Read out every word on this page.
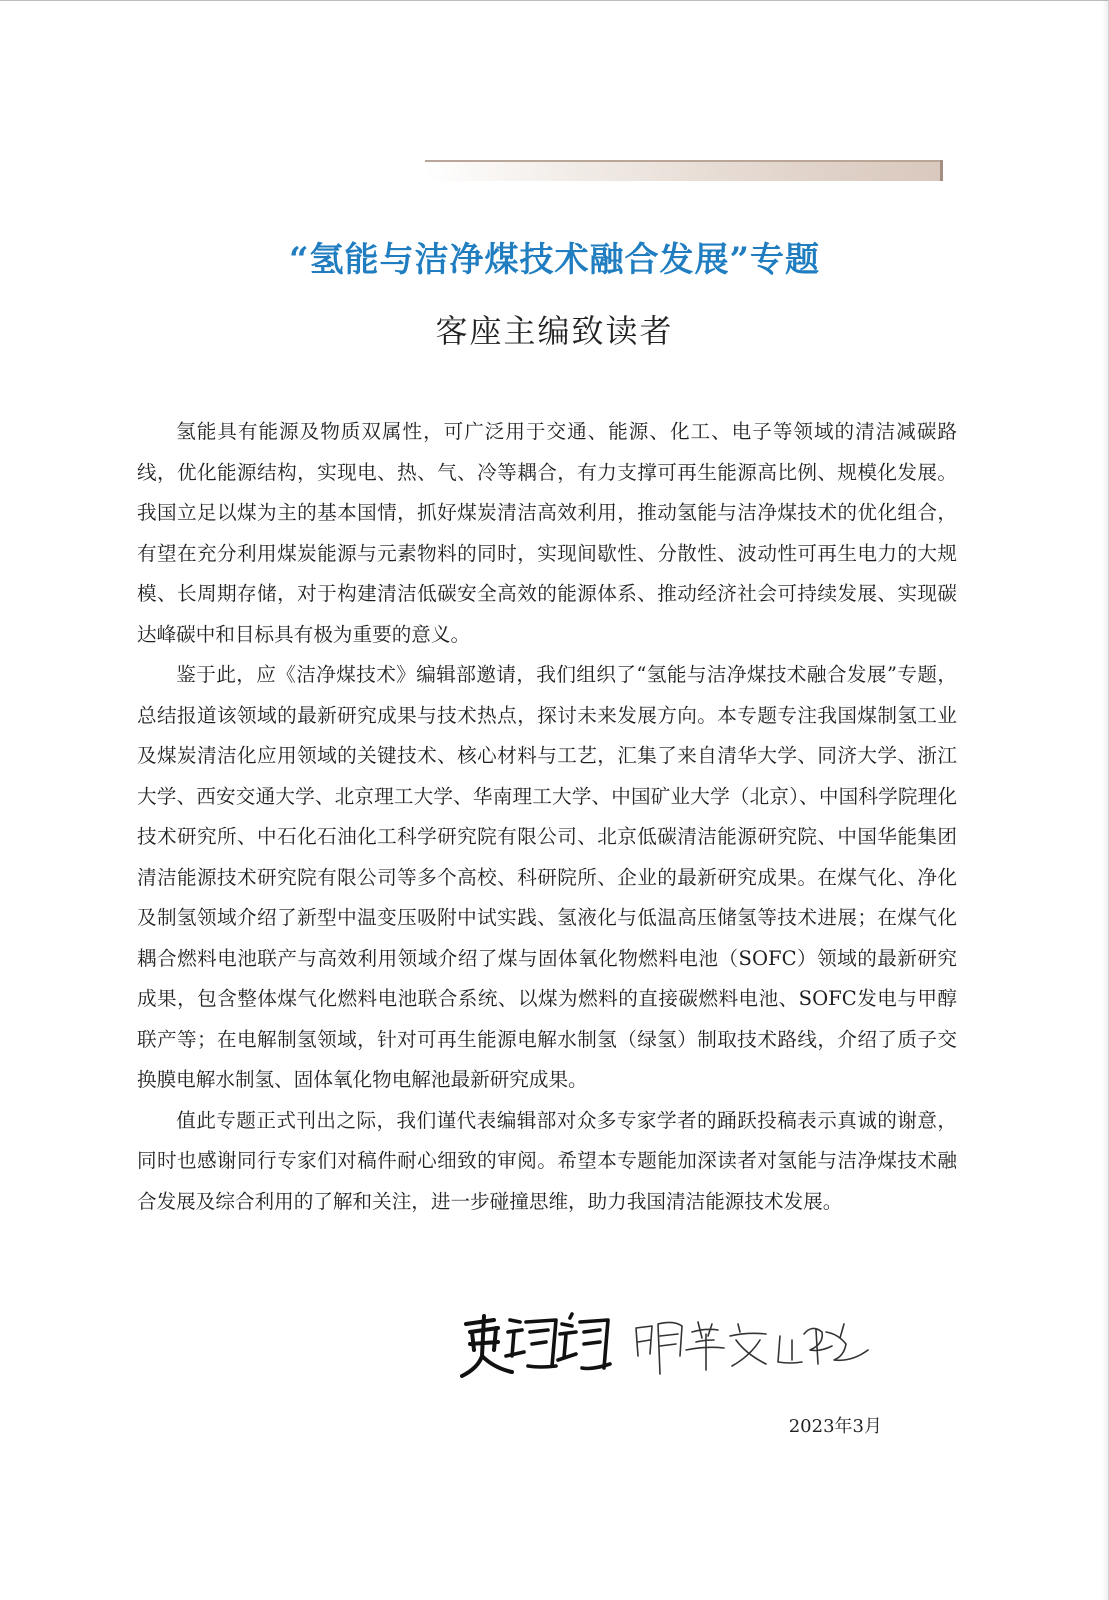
“氢能与洁净煤技术融合发展”专题
客座主编致读者

氢能具有能源及物质双属性，可广泛用于交通、能源、化工、电子等领域的清洁减碳路线，优化能源结构，实现电、热、气、冷等耦合，有力支撑可再生能源高比例、规模化发展。我国立足以煤为主的基本国情，抓好煤炭清洁高效利用，推动氢能与洁净煤技术的优化组合，有望在充分利用煤炭能源与元素物料的同时，实现间歇性、分散性、波动性可再生电力的大规模、长周期存储，对于构建清洁低碳安全高效的能源体系、推动经济社会可持续发展、实现碳达峰碳中和目标具有极为重要的意义。

鉴于此，应《洁净煤技术》编辑部邀请，我们组织了“氢能与洁净煤技术融合发展”专题，总结报道该领域的最新研究成果与技术热点，探讨未来发展方向。本专题专注我国煤制氢工业及煤炭清洁化应用领域的关键技术、核心材料与工艺，汇集了来自清华大学、同济大学、浙江大学、西安交通大学、北京理工大学、华南理工大学、中国矿业大学（北京）、中国科学院理化技术研究所、中石化石油化工科学研究院有限公司、北京低碳清洁能源研究院、中国华能集团清洁能源技术研究院有限公司等多个高校、科研院所、企业的最新研究成果。在煤气化、净化及制氢领域介绍了新型中温变压吸附中试实践、氢液化与低温高压储氢等技术进展；在煤气化耦合燃料电池联产与高效利用领域介绍了煤与固体氧化物燃料电池（SOFC）领域的最新研究成果，包含整体煤气化燃料电池联合系统、以煤为燃料的直接碳燃料电池、SOFC发电与甲醇联产等；在电解制氢领域，针对可再生能源电解水制氢（绿氢）制取技术路线，介绍了质子交换膜电解水制氢、固体氧化物电解池最新研究成果。

值此专题正式刊出之际，我们谨代表编辑部对众多专家学者的踊跃投稿表示真诚的谢意，同时也感谢同行专家们对稿件耐心细致的审阅。希望本专题能加深读者对氢能与洁净煤技术融合发展及综合利用的了解和关注，进一步碰撞思维，助力我国清洁能源技术发展。

2023年3月
